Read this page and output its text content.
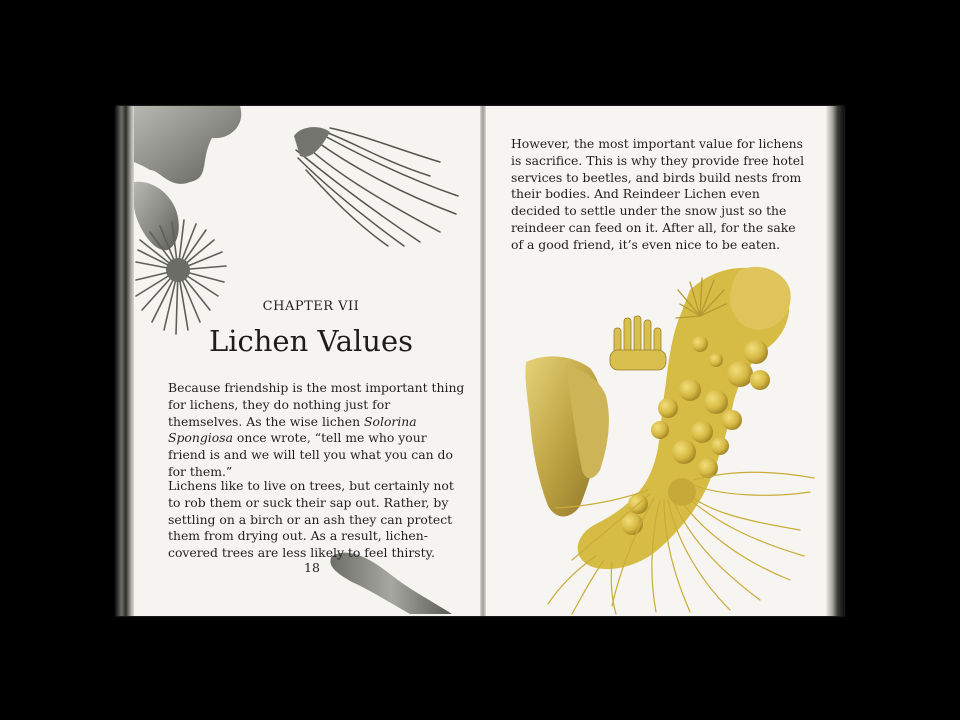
CHAPTER VII
Lichen Values

Because friendship is the most important thing for lichens, they do nothing just for themselves. As the wise lichen Solorina Spongiosa once wrote, “tell me who your friend is and we will tell you what you can do for them.”

Lichens like to live on trees, but certainly not to rob them or suck their sap out. Rather, by settling on a birch or an ash they can protect them from drying out. As a result, lichen-covered trees are less likely to feel thirsty.

18

However, the most important value for lichens is sacrifice. This is why they provide free hotel services to beetles, and birds build nests from their bodies. And Reindeer Lichen even decided to settle under the snow just so the reindeer can feed on it. After all, for the sake of a good friend, it’s even nice to be eaten.
